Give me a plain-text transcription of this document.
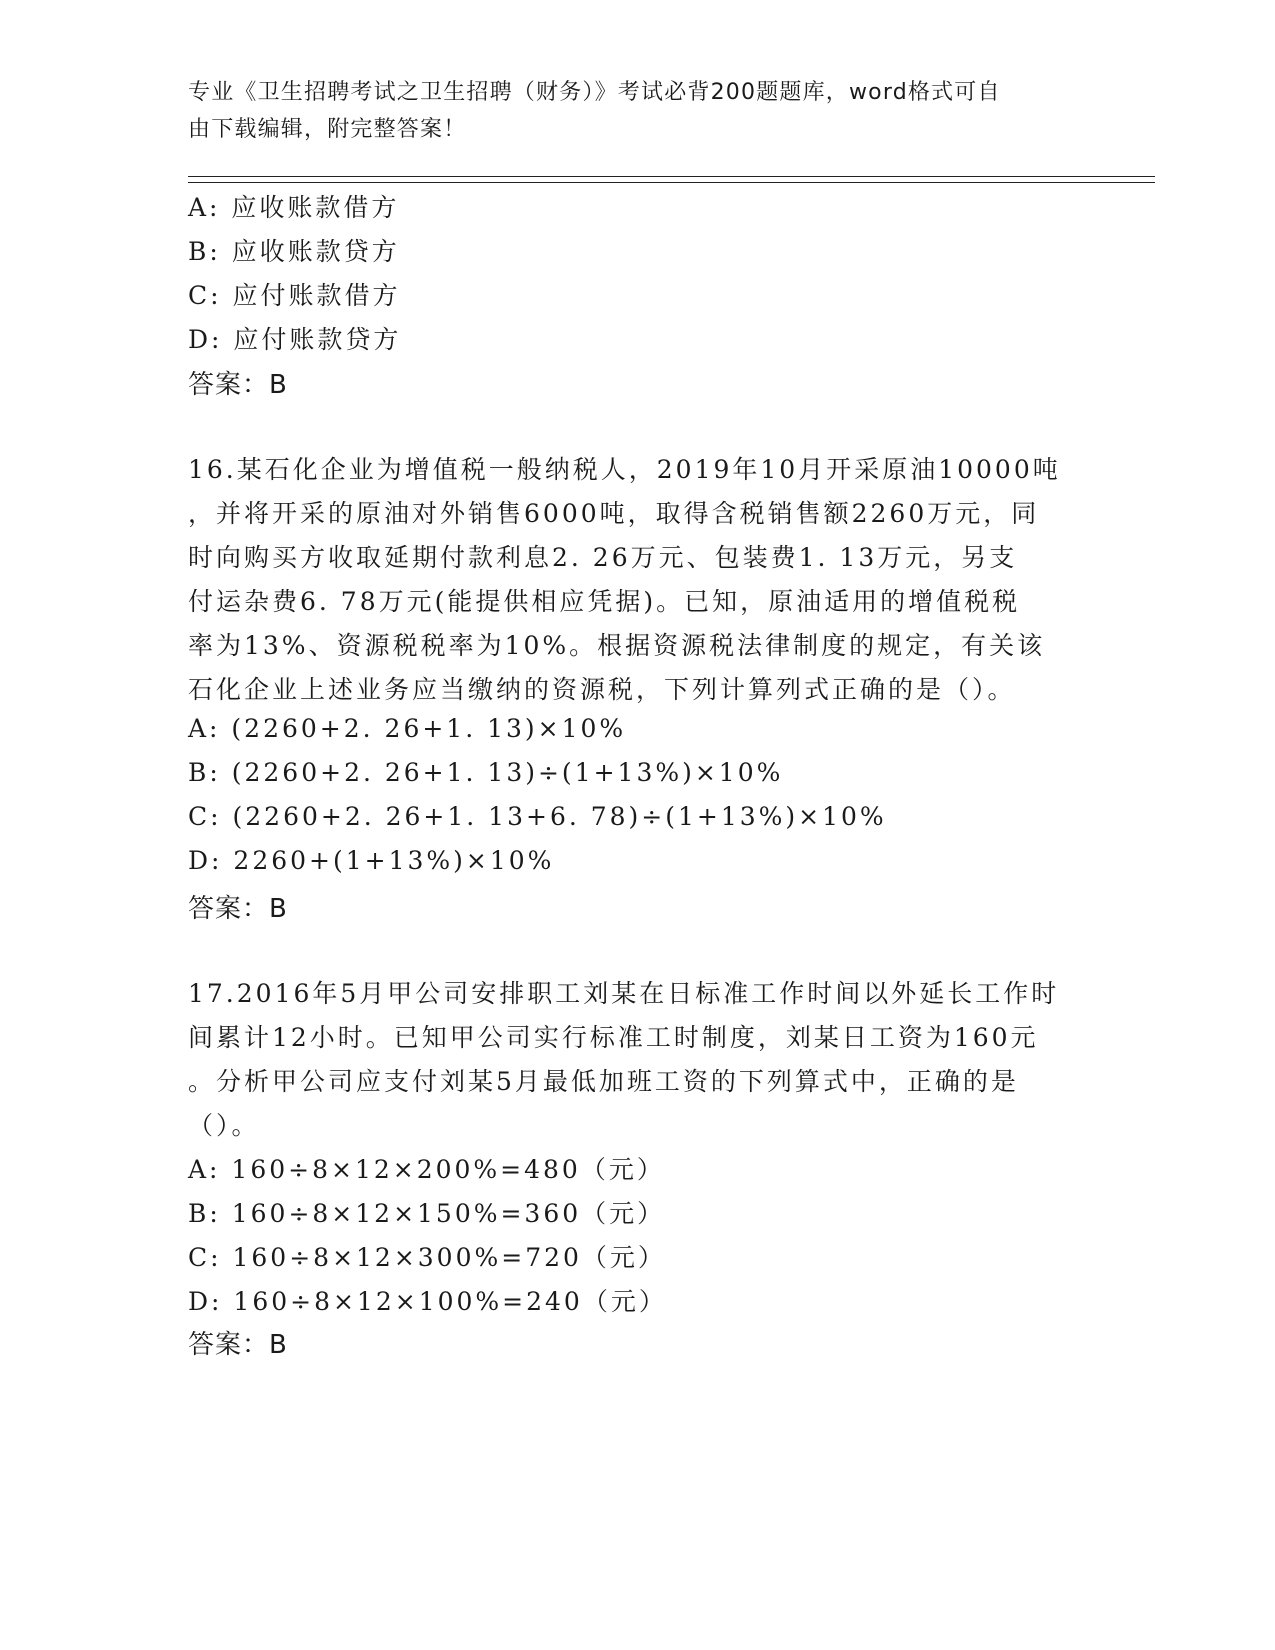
专业《卫生招聘考试之卫生招聘（财务）》考试必背200题题库，word格式可自
由下载编辑，附完整答案！
A: 应收账款借方
B: 应收账款贷方
C: 应付账款借方
D: 应付账款贷方
答案：B
16.某石化企业为增值税一般纳税人，2019年10月开采原油10000吨
，并将开采的原油对外销售6000吨，取得含税销售额2260万元，同
时向购买方收取延期付款利息2. 26万元、包装费1. 13万元，另支
付运杂费6. 78万元(能提供相应凭据)。已知，原油适用的增值税税
率为13%、资源税税率为10%。根据资源税法律制度的规定，有关该
石化企业上述业务应当缴纳的资源税，下列计算列式正确的是（）。
A: (2260+2. 26+1. 13)×10%
B: (2260+2. 26+1. 13)÷(1+13%)×10%
C: (2260+2. 26+1. 13+6. 78)÷(1+13%)×10%
D: 2260+(1+13%)×10%
答案：B
17.2016年5月甲公司安排职工刘某在日标准工作时间以外延长工作时
间累计12小时。已知甲公司实行标准工时制度，刘某日工资为160元
。分析甲公司应支付刘某5月最低加班工资的下列算式中，正确的是
（）。
A: 160÷8×12×200%=480（元）
B: 160÷8×12×150%=360（元）
C: 160÷8×12×300%=720（元）
D: 160÷8×12×100%=240（元）
答案：B
